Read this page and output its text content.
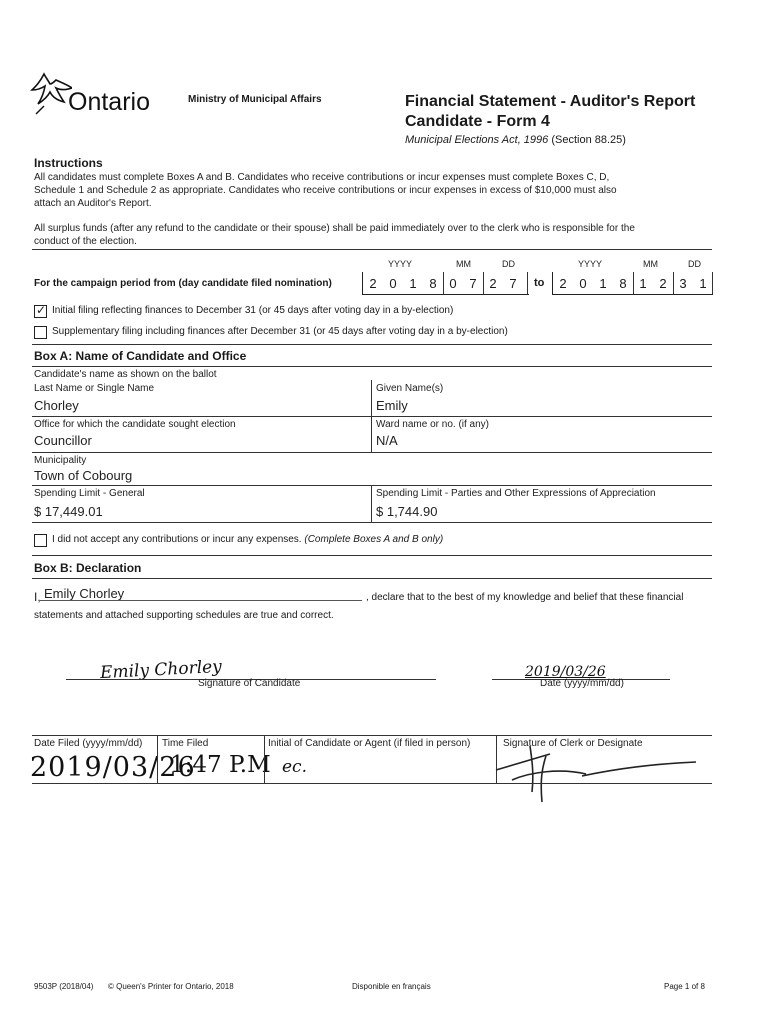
Ontario	Ministry of Municipal Affairs	Financial Statement - Auditor's Report
Candidate - Form 4
Municipal Elections Act, 1996 (Section 88.25)
Instructions
All candidates must complete Boxes A and B. Candidates who receive contributions or incur expenses must complete Boxes C, D,
Schedule 1 and Schedule 2 as appropriate. Candidates who receive contributions or incur expenses in excess of $10,000 must also
attach an Auditor's Report.
All surplus funds (after any refund to the candidate or their spouse) shall be paid immediately over to the clerk who is responsible for the
conduct of the election.
For the campaign period from (day candidate filed nomination)
YYYY	MM	DD	YYYY	MM	DD
2 0 1 8 0 7 2 7	to	2 0 1 8 1 2 3 1
✓ Initial filing reflecting finances to December 31 (or 45 days after voting day in a by-election)
Supplementary filing including finances after December 31 (or 45 days after voting day in a by-election)
Box A: Name of Candidate and Office
Candidate's name as shown on the ballot
Last Name or Single Name
Chorley
Given Name(s)
Emily
Office for which the candidate sought election
Councillor
Ward name or no. (if any)
N/A
Municipality
Town of Cobourg
Spending Limit - General
$ 17,449.01
Spending Limit - Parties and Other Expressions of Appreciation
$ 1,744.90
I did not accept any contributions or incur any expenses. (Complete Boxes A and B only)
Box B: Declaration
I, Emily Chorley	, declare that to the best of my knowledge and belief that these financial
statements and attached supporting schedules are true and correct.
Emily Chorley
Signature of Candidate
2019/03/26
Date (yyyy/mm/dd)
Date Filed (yyyy/mm/dd)
2019/03/26
Time Filed
1:47 P.M
Initial of Candidate or Agent (if filed in person)
ec.
Signature of Clerk or Designate
9503P (2018/04) © Queen's Printer for Ontario, 2018	Disponible en français	Page 1 of 8
